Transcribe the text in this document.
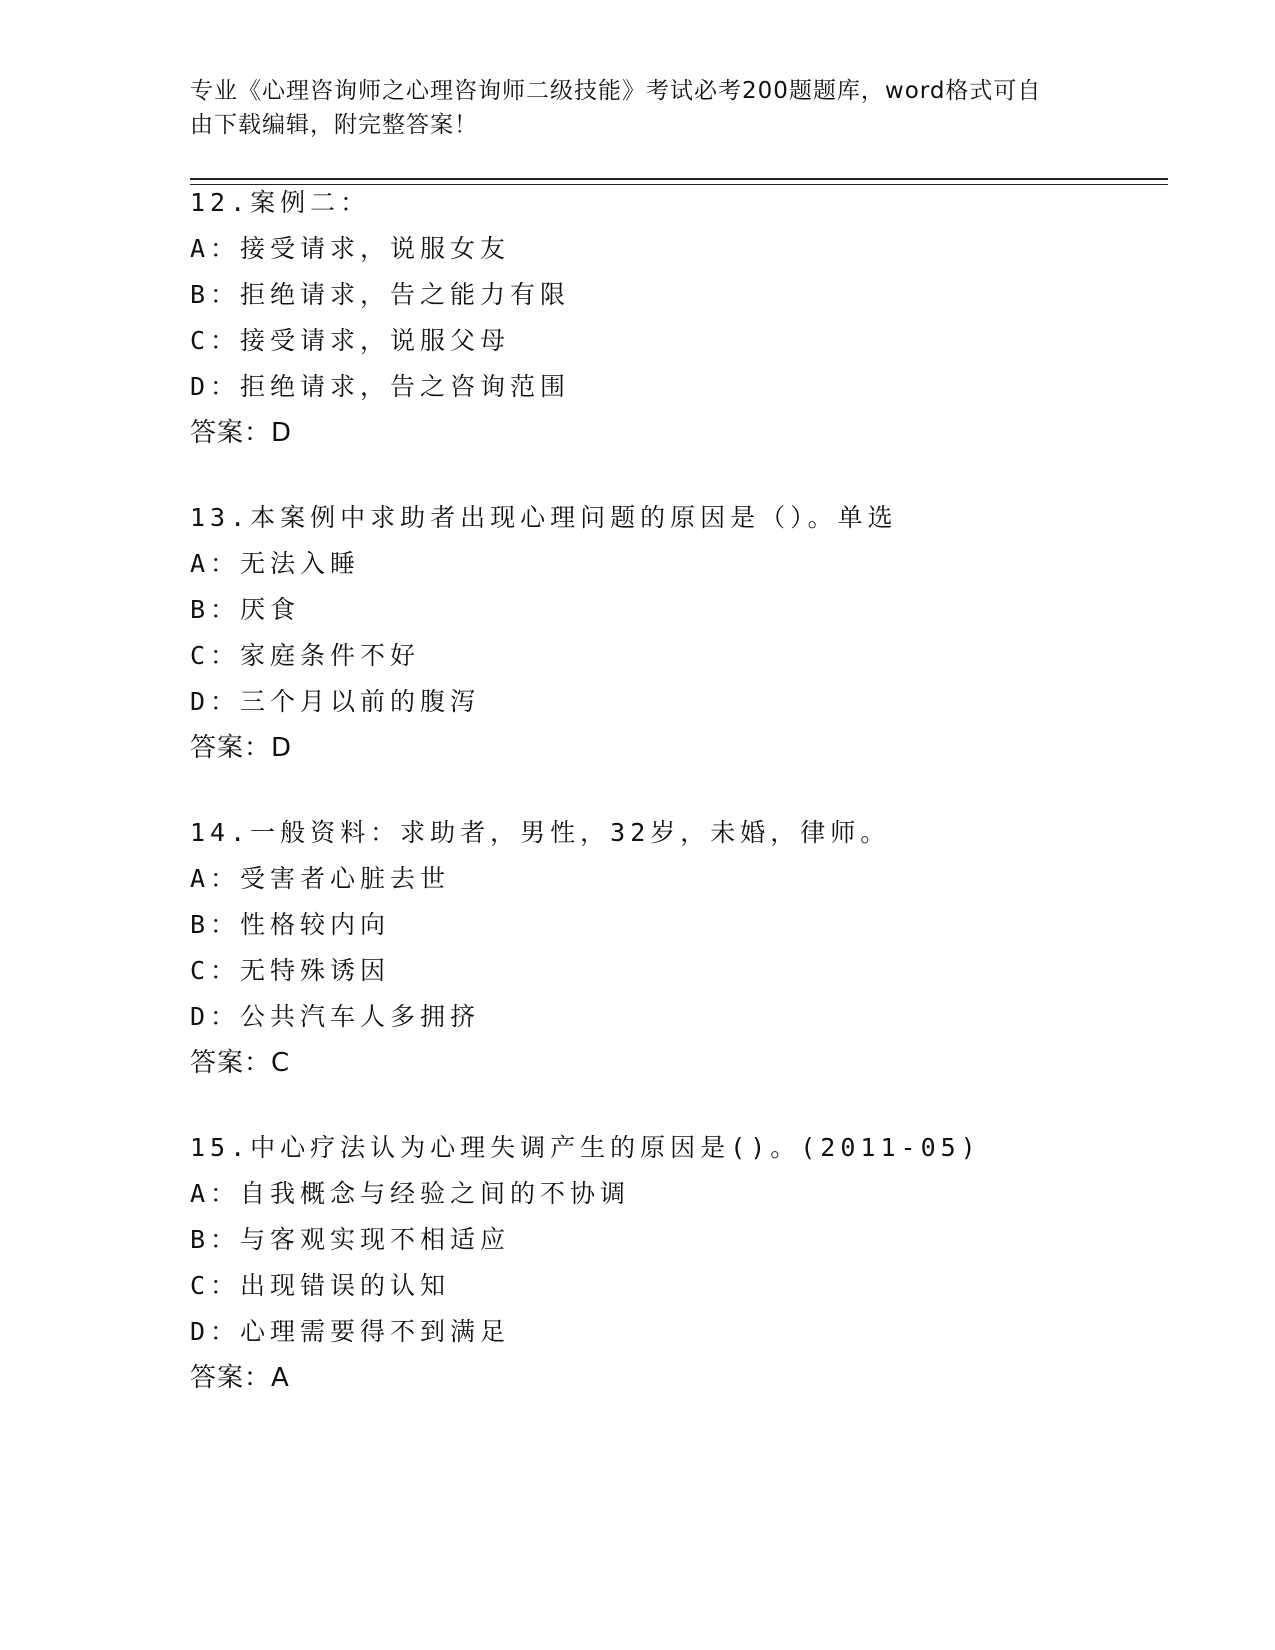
专业《心理咨询师之心理咨询师二级技能》考试必考200题题库，word格式可自
由下载编辑，附完整答案！
12.案例二：
A：接受请求，说服女友
B：拒绝请求，告之能力有限
C：接受请求，说服父母
D：拒绝请求，告之咨询范围
答案：D
13.本案例中求助者出现心理问题的原因是（）。单选
A：无法入睡
B：厌食
C：家庭条件不好
D：三个月以前的腹泻
答案：D
14.一般资料：求助者，男性，32岁，未婚，律师。
A：受害者心脏去世
B：性格较内向
C：无特殊诱因
D：公共汽车人多拥挤
答案：C
15.中心疗法认为心理失调产生的原因是()。(2011-05)
A：自我概念与经验之间的不协调
B：与客观实现不相适应
C：出现错误的认知
D：心理需要得不到满足
答案：A
